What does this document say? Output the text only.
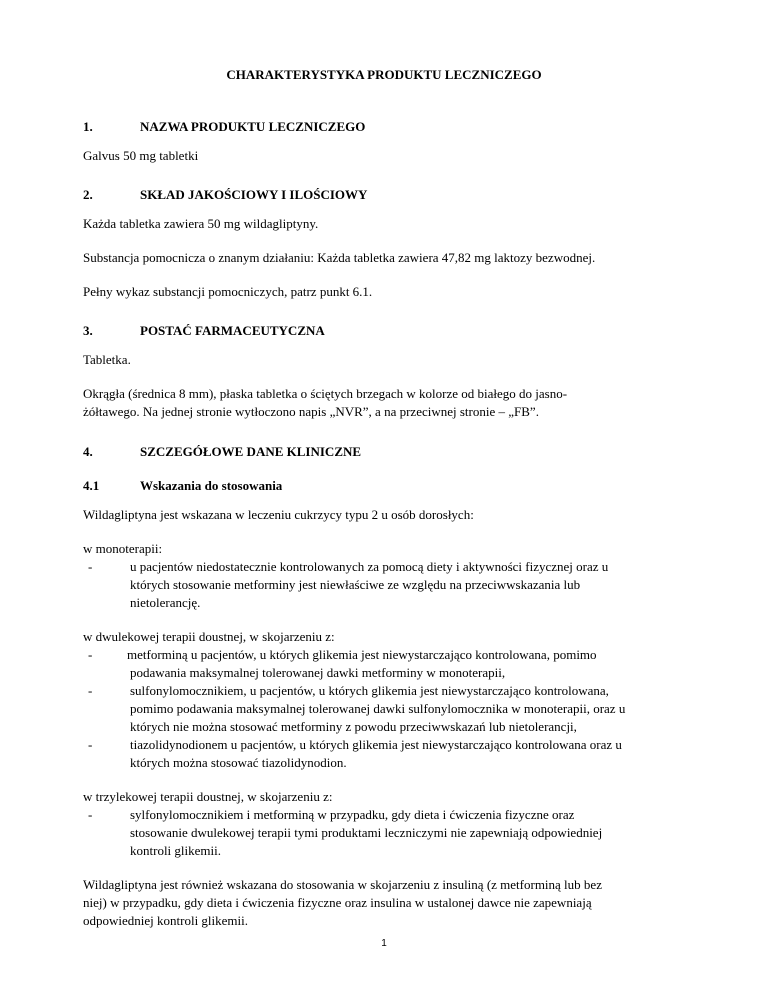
CHARAKTERYSTYKA PRODUKTU LECZNICZEGO
1.	NAZWA PRODUKTU LECZNICZEGO
Galvus 50 mg tabletki
2.	SKŁAD JAKOŚCIOWY I ILOŚCIOWY
Każda tabletka zawiera 50 mg wildagliptyny.
Substancja pomocnicza o znanym działaniu: Każda tabletka zawiera 47,82 mg laktozy bezwodnej.
Pełny wykaz substancji pomocniczych, patrz punkt 6.1.
3.	POSTAĆ FARMACEUTYCZNA
Tabletka.
Okrągła (średnica 8 mm), płaska tabletka o ściętych brzegach w kolorze od białego do jasno-
żółtawego. Na jednej stronie wytłoczono napis „NVR”, a na przeciwnej stronie – „FB”.
4.	SZCZEGÓŁOWE DANE KLINICZNE
4.1	Wskazania do stosowania
Wildagliptyna jest wskazana w leczeniu cukrzycy typu 2 u osób dorosłych:
w monoterapii:
-	u pacjentów niedostatecznie kontrolowanych za pomocą diety i aktywności fizycznej oraz u
których stosowanie metforminy jest niewłaściwe ze względu na przeciwwskazania lub
nietolerancję.
w dwulekowej terapii doustnej, w skojarzeniu z:
-	metforminą u pacjentów, u których glikemia jest niewystarczająco kontrolowana, pomimo
podawania maksymalnej tolerowanej dawki metforminy w monoterapii,
-	sulfonylomocznikiem, u pacjentów, u których glikemia jest niewystarczająco kontrolowana,
pomimo podawania maksymalnej tolerowanej dawki sulfonylomocznika w monoterapii, oraz u
których nie można stosować metforminy z powodu przeciwwskazań lub nietolerancji,
-	tiazolidynodionem u pacjentów, u których glikemia jest niewystarczająco kontrolowana oraz u
których można stosować tiazolidynodion.
w trzylekowej terapii doustnej, w skojarzeniu z:
-	sylfonylomocznikiem i metforminą w przypadku, gdy dieta i ćwiczenia fizyczne oraz
stosowanie dwulekowej terapii tymi produktami leczniczymi nie zapewniają odpowiedniej
kontroli glikemii.
Wildagliptyna jest również wskazana do stosowania w skojarzeniu z insuliną (z metforminą lub bez
niej) w przypadku, gdy dieta i ćwiczenia fizyczne oraz insulina w ustalonej dawce nie zapewniają
odpowiedniej kontroli glikemii.
1
